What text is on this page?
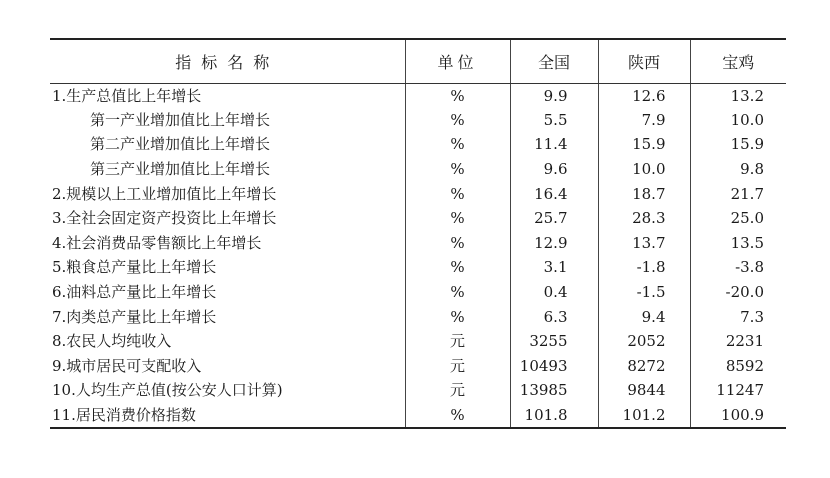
指标名称	单位	全国	陕西	宝鸡
1.生产总值比上年增长	%	9.9	12.6	13.2
第一产业增加值比上年增长	%	5.5	7.9	10.0
第二产业增加值比上年增长	%	11.4	15.9	15.9
第三产业增加值比上年增长	%	9.6	10.0	9.8
2.规模以上工业增加值比上年增长	%	16.4	18.7	21.7
3.全社会固定资产投资比上年增长	%	25.7	28.3	25.0
4.社会消费品零售额比上年增长	%	12.9	13.7	13.5
5.粮食总产量比上年增长	%	3.1	-1.8	-3.8
6.油料总产量比上年增长	%	0.4	-1.5	-20.0
7.肉类总产量比上年增长	%	6.3	9.4	7.3
8.农民人均纯收入	元	3255	2052	2231
9.城市居民可支配收入	元	10493	8272	8592
10.人均生产总值(按公安人口计算)	元	13985	9844	11247
11.居民消费价格指数	%	101.8	101.2	100.9
